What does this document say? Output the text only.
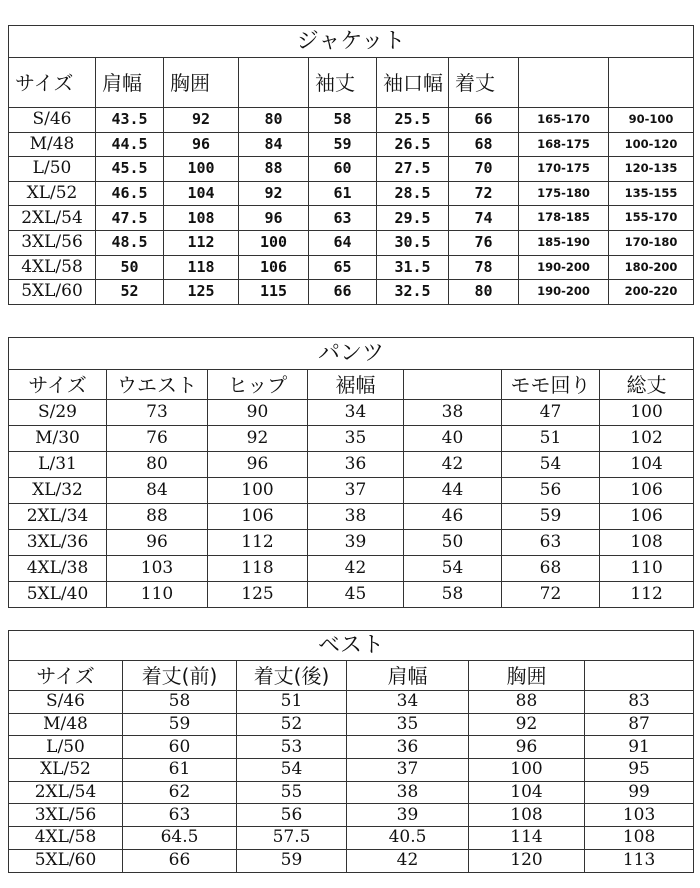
ジャケット								
サイズ	肩幅	胸囲		袖丈	袖口幅	着丈		
S/46	43.5	92	80	58	25.5	66	165-170	90-100
M/48	44.5	96	84	59	26.5	68	168-175	100-120
L/50	45.5	100	88	60	27.5	70	170-175	120-135
XL/52	46.5	104	92	61	28.5	72	175-180	135-155
2XL/54	47.5	108	96	63	29.5	74	178-185	155-170
3XL/56	48.5	112	100	64	30.5	76	185-190	170-180
4XL/58	50	118	106	65	31.5	78	190-200	180-200
5XL/60	52	125	115	66	32.5	80	190-200	200-220
パンツ						
サイズ	ウエスト	ヒップ	裾幅		モモ回り	総丈
S/29	73	90	34	38	47	100
M/30	76	92	35	40	51	102
L/31	80	96	36	42	54	104
XL/32	84	100	37	44	56	106
2XL/34	88	106	38	46	59	106
3XL/36	96	112	39	50	63	108
4XL/38	103	118	42	54	68	110
5XL/40	110	125	45	58	72	112
ベスト					
サイズ	着丈(前)	着丈(後)	肩幅	胸囲	
S/46	58	51	34	88	83
M/48	59	52	35	92	87
L/50	60	53	36	96	91
XL/52	61	54	37	100	95
2XL/54	62	55	38	104	99
3XL/56	63	56	39	108	103
4XL/58	64.5	57.5	40.5	114	108
5XL/60	66	59	42	120	113
